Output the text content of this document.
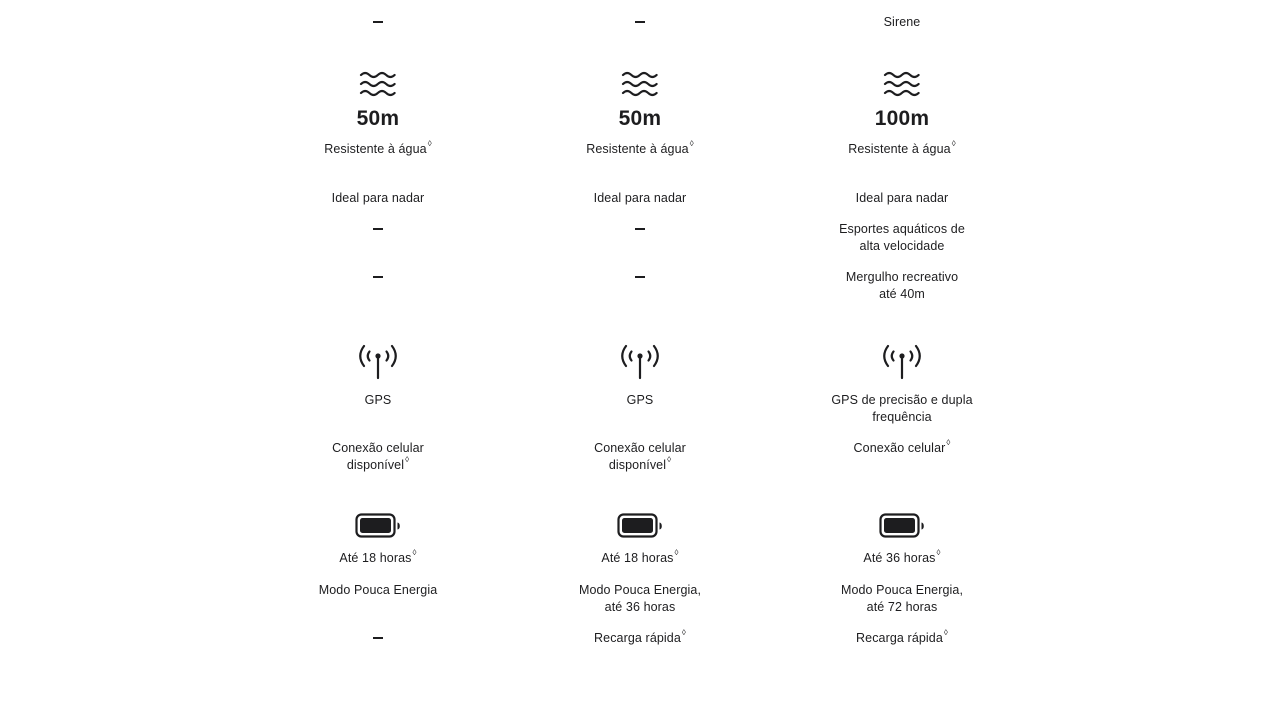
50m
Resistente à água◊
Ideal para nadar
GPS
Conexão celular disponível◊
Até 18 horas◊
Modo Pouca Energia
50m
Resistente à água◊
Ideal para nadar
GPS
Conexão celular disponível◊
Até 18 horas◊
Modo Pouca Energia, até 36 horas
Recarga rápida◊
Sirene
100m
Resistente à água◊
Ideal para nadar
Esportes aquáticos de alta velocidade
Mergulho recreativo até 40m
GPS de precisão e dupla frequência
Conexão celular◊
Até 36 horas◊
Modo Pouca Energia, até 72 horas
Recarga rápida◊
